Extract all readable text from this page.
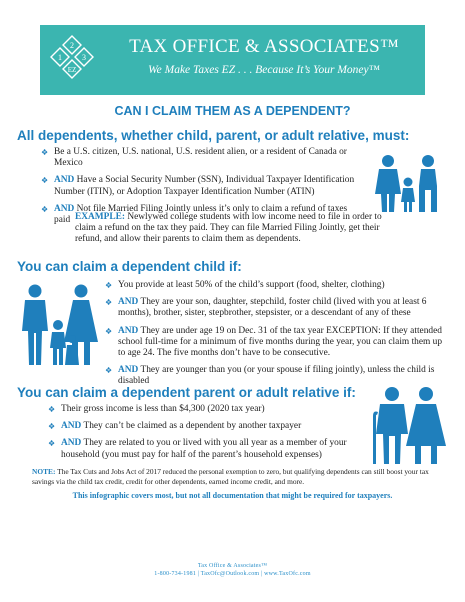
2
1	3
EZ
TAX OFFICE & ASSOCIATES™
We Make Taxes EZ . . . Because It’s Your Money™
CAN I CLAIM THEM AS A DEPENDENT?
All dependents, whether child, parent, or adult relative, must:
❖ Be a U.S. citizen, U.S. national, U.S. resident alien, or a resident of Canada or Mexico
❖ AND Have a Social Security Number (SSN), Individual Taxpayer Identification Number (ITIN), or Adoption Taxpayer Identification Number (ATIN)
❖ AND Not file Married Filing Jointly unless it’s only to claim a refund of taxes paid EXAMPLE: Newlywed college students with low income need to file in order to claim a refund on the tax they paid. They can file Married Filing Jointly, get their refund, and allow their parents to claim them as dependents.
You can claim a dependent child if:
❖ You provide at least 50% of the child’s support (food, shelter, clothing)
❖ AND They are your son, daughter, stepchild, foster child (lived with you at least 6 months), brother, sister, stepbrother, stepsister, or a descendant of any of these
❖ AND They are under age 19 on Dec. 31 of the tax year EXCEPTION: If they attended school full-time for a minimum of five months during the year, you can claim them up to age 24. The five months don’t have to be consecutive.
❖ AND They are younger than you (or your spouse if filing jointly), unless the child is disabled
You can claim a dependent parent or adult relative if:
❖ Their gross income is less than $4,300 (2020 tax year)
❖ AND They can’t be claimed as a dependent by another taxpayer
❖ AND They are related to you or lived with you all year as a member of your household (you must pay for half of the parent’s household expenses)
NOTE: The Tax Cuts and Jobs Act of 2017 reduced the personal exemption to zero, but qualifying dependents can still boost your tax savings via the child tax credit, credit for other dependents, earned income credit, and more.
This infographic covers most, but not all documentation that might be required for taxpayers.
Tax Office & Associates™
1-800-734-1981 | TaxOfc@Outlook.com | www.TaxOfc.com
